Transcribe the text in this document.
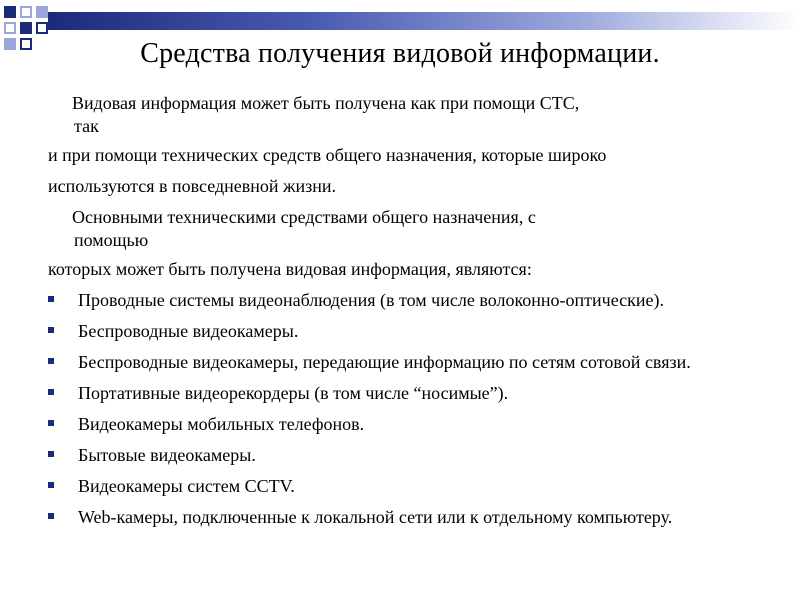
Средства получения видовой информации.
Видовая информация может быть получена как при помощи СТС,
так
и при помощи технических средств общего назначения, которые широко
используются в повседневной жизни.
Основными техническими средствами общего назначения, с
помощью
которых может быть получена видовая информация, являются:
Проводные системы видеонаблюдения (в том числе волоконно-оптические).
Беспроводные видеокамеры.
Беспроводные видеокамеры, передающие информацию по сетям сотовой связи.
Портативные видеорекордеры (в том числе “носимые”).
Видеокамеры мобильных телефонов.
Бытовые видеокамеры.
Видеокамеры систем CCTV.
Web-камеры, подключенные к локальной сети или к отдельному компьютеру.
